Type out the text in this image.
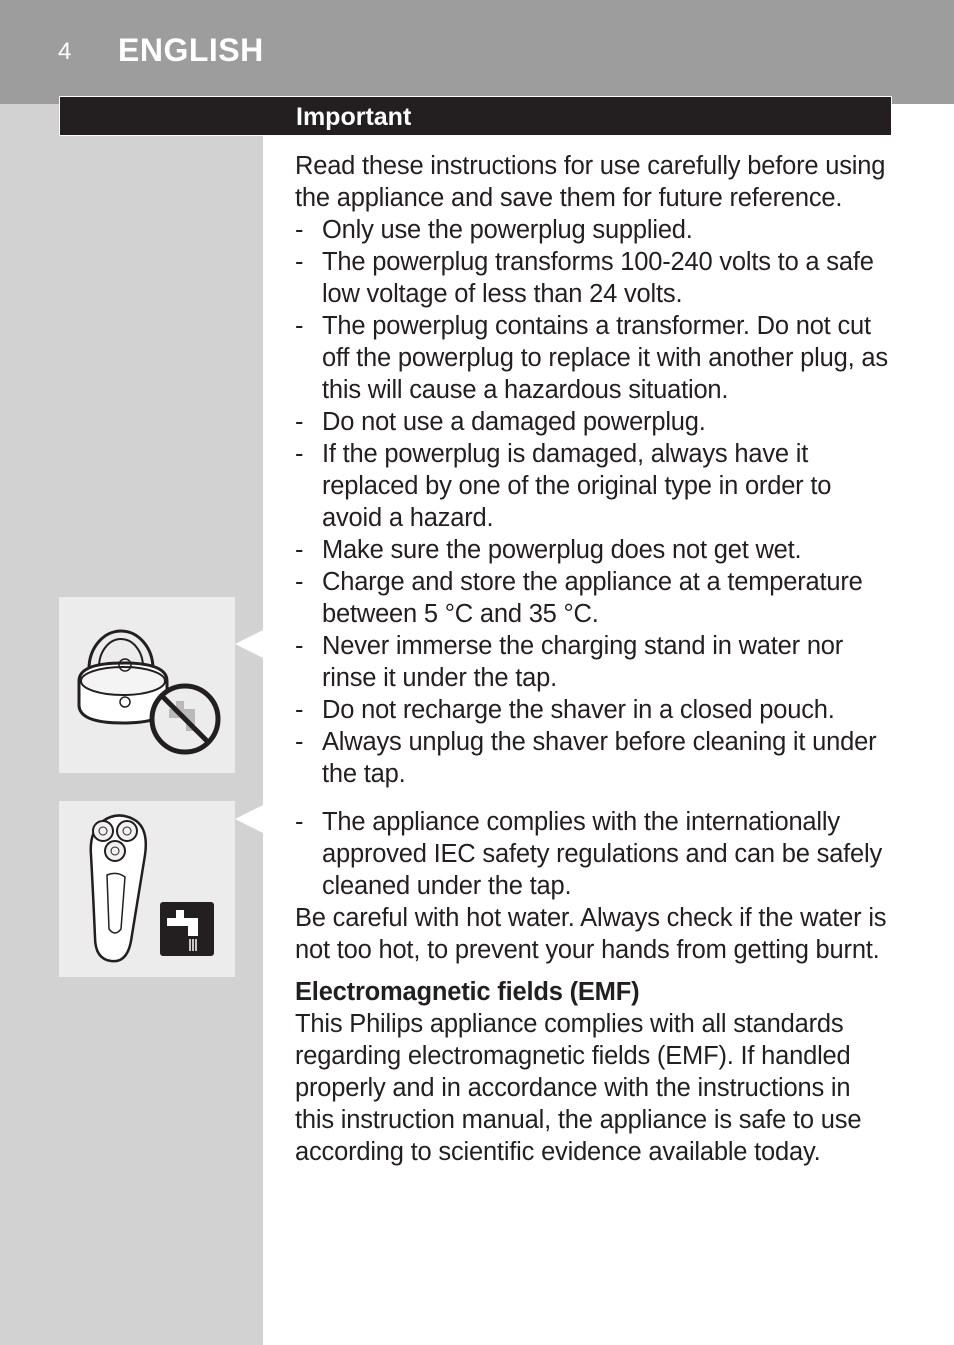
4 ENGLISH
Important

Read these instructions for use carefully before using the appliance and save them for future reference.

- Only use the powerplug supplied.
- The powerplug transforms 100-240 volts to a safe low voltage of less than 24 volts.
- The powerplug contains a transformer. Do not cut off the powerplug to replace it with another plug, as this will cause a hazardous situation.
- Do not use a damaged powerplug.
- If the powerplug is damaged, always have it replaced by one of the original type in order to avoid a hazard.
- Make sure the powerplug does not get wet.
- Charge and store the appliance at a temperature between 5 °C and 35 °C.
- Never immerse the charging stand in water nor rinse it under the tap.
- Do not recharge the shaver in a closed pouch.
- Always unplug the shaver before cleaning it under the tap.
- The appliance complies with the internationally approved IEC safety regulations and can be safely cleaned under the tap.

Be careful with hot water. Always check if the water is not too hot, to prevent your hands from getting burnt.

Electromagnetic fields (EMF)

This Philips appliance complies with all standards regarding electromagnetic fields (EMF). If handled properly and in accordance with the instructions in this instruction manual, the appliance is safe to use according to scientific evidence available today.
